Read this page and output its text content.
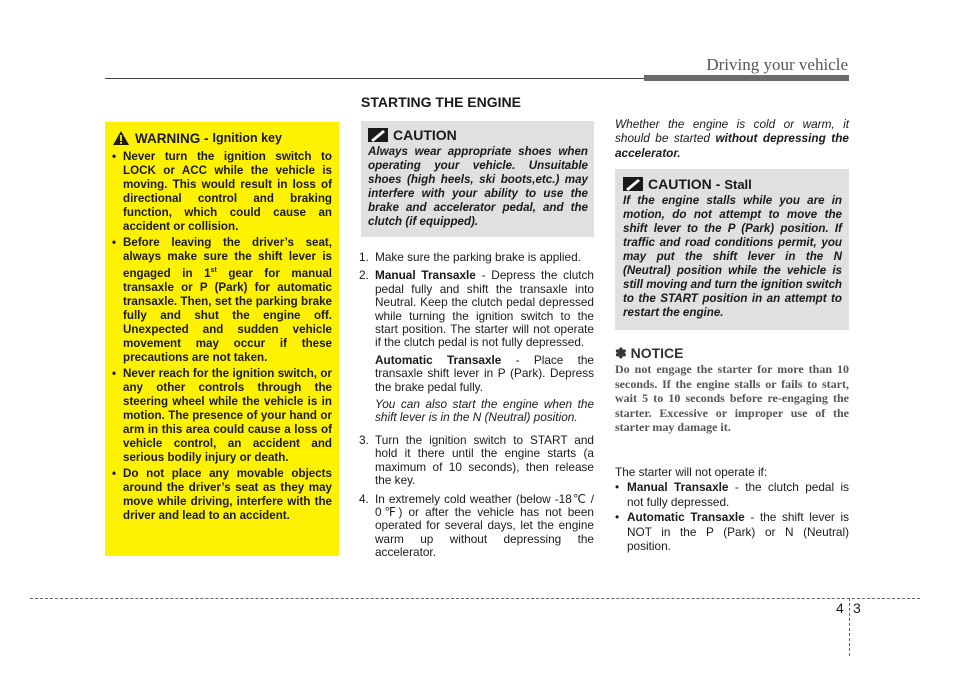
Driving your vehicle
WARNING - Ignition key
• Never turn the ignition switch to LOCK or ACC while the vehicle is moving. This would result in loss of directional control and braking function, which could cause an accident or collision.
• Before leaving the driver’s seat, always make sure the shift lever is engaged in 1st gear for manual transaxle or P (Park) for automatic transaxle. Then, set the parking brake fully and shut the engine off. Unexpected and sudden vehicle movement may occur if these precautions are not taken.
• Never reach for the ignition switch, or any other controls through the steering wheel while the vehicle is in motion. The presence of your hand or arm in this area could cause a loss of vehicle control, an accident and serious bodily injury or death.
• Do not place any movable objects around the driver’s seat as they may move while driving, interfere with the driver and lead to an accident.
STARTING THE ENGINE
CAUTION
Always wear appropriate shoes when operating your vehicle. Unsuitable shoes (high heels, ski boots,etc.) may interfere with your ability to use the brake and accelerator pedal, and the clutch (if equipped).
1. Make sure the parking brake is applied.
2. Manual Transaxle - Depress the clutch pedal fully and shift the transaxle into Neutral. Keep the clutch pedal depressed while turning the ignition switch to the start position. The starter will not operate if the clutch pedal is not fully depressed.

Automatic Transaxle - Place the transaxle shift lever in P (Park). Depress the brake pedal fully.

You can also start the engine when the shift lever is in the N (Neutral) position.

3. Turn the ignition switch to START and hold it there until the engine starts (a maximum of 10 seconds), then release the key.
4. In extremely cold weather (below -18℃ / 0℉) or after the vehicle has not been operated for several days, let the engine warm up without depressing the accelerator.
Whether the engine is cold or warm, it should be started without depressing the accelerator.
CAUTION - Stall
If the engine stalls while you are in motion, do not attempt to move the shift lever to the P (Park) position. If traffic and road conditions permit, you may put the shift lever in the N (Neutral) position while the vehicle is still moving and turn the ignition switch to the START position in an attempt to restart the engine.
✽ NOTICE
Do not engage the starter for more than 10 seconds. If the engine stalls or fails to start, wait 5 to 10 seconds before re-engaging the starter. Excessive or improper use of the starter may damage it.
The starter will not operate if:
• Manual Transaxle - the clutch pedal is not fully depressed.
• Automatic Transaxle - the shift lever is NOT in the P (Park) or N (Neutral) position.
4 3
